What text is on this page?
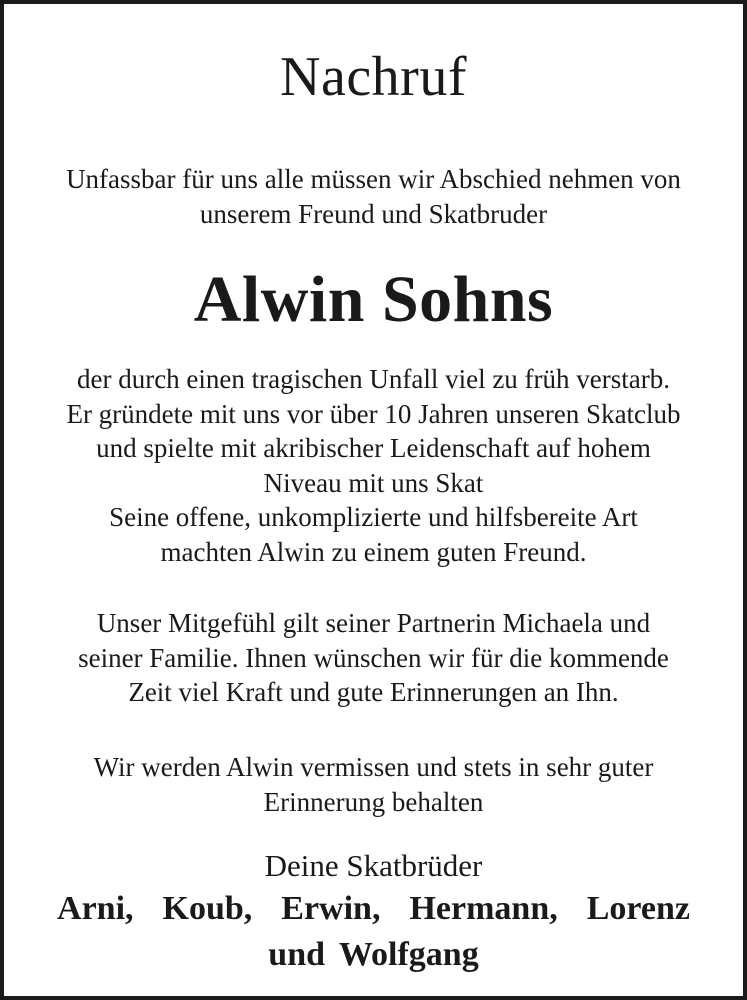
Nachruf
Unfassbar für uns alle müssen wir Abschied nehmen von
unserem Freund und Skatbruder
Alwin Sohns
der durch einen tragischen Unfall viel zu früh verstarb.
Er gründete mit uns vor über 10 Jahren unseren Skatclub
und spielte mit akribischer Leidenschaft auf hohem
Niveau mit uns Skat
Seine offene, unkomplizierte und hilfsbereite Art
machten Alwin zu einem guten Freund.
Unser Mitgefühl gilt seiner Partnerin Michaela und
seiner Familie. Ihnen wünschen wir für die kommende
Zeit viel Kraft und gute Erinnerungen an Ihn.
Wir werden Alwin vermissen und stets in sehr guter
Erinnerung behalten
Deine Skatbrüder
Arni,  Koub,  Erwin,  Hermann,  Lorenz
und Wolfgang
